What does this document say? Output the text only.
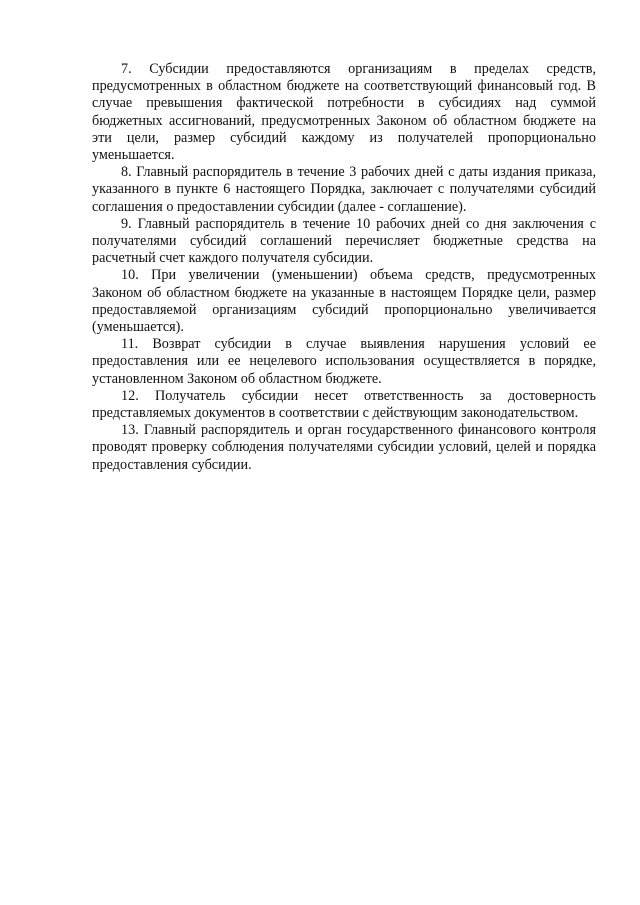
7. Субсидии предоставляются организациям в пределах средств, предусмотренных в областном бюджете на соответствующий финансовый год. В случае превышения фактической потребности в субсидиях над суммой бюджетных ассигнований, предусмотренных Законом об областном бюджете на эти цели, размер субсидий каждому из получателей пропорционально уменьшается.

8. Главный распорядитель в течение 3 рабочих дней с даты издания приказа, указанного в пункте 6 настоящего Порядка, заключает с получателями субсидий соглашения о предоставлении субсидии (далее - соглашение).

9. Главный распорядитель в течение 10 рабочих дней со дня заключения с получателями субсидий соглашений перечисляет бюджетные средства на расчетный счет каждого получателя субсидии.

10. При увеличении (уменьшении) объема средств, предусмотренных Законом об областном бюджете на указанные в настоящем Порядке цели, размер предоставляемой организациям субсидий пропорционально увеличивается (уменьшается).

11. Возврат субсидии в случае выявления нарушения условий ее предоставления или ее нецелевого использования осуществляется в порядке, установленном Законом об областном бюджете.

12. Получатель субсидии несет ответственность за достоверность представляемых документов в соответствии с действующим законодательством.

13. Главный распорядитель и орган государственного финансового контроля проводят проверку соблюдения получателями субсидии условий, целей и порядка предоставления субсидии.
